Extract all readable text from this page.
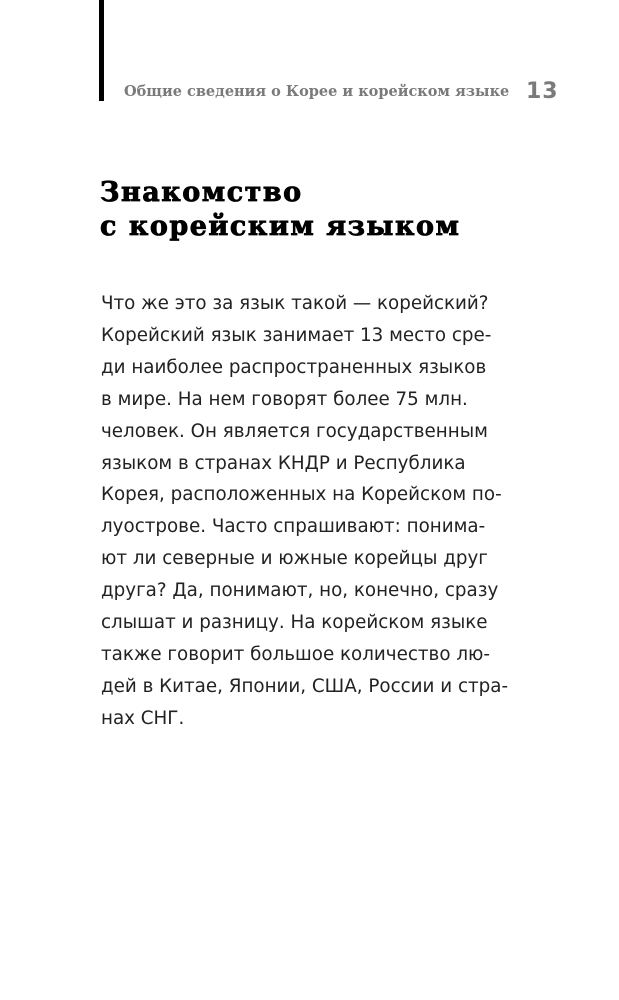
Общие сведения о Корее и корейском языке 13
Знакомство
с корейским языком
Что же это за язык такой — корейский?
Корейский язык занимает 13 место сре-
ди наиболее распространенных языков
в мире. На нем говорят более 75 млн.
человек. Он является государственным
языком в странах КНДР и Республика
Корея, расположенных на Корейском по-
луострове. Часто спрашивают: понима-
ют ли северные и южные корейцы друг
друга? Да, понимают, но, конечно, сразу
слышат и разницу. На корейском языке
также говорит большое количество лю-
дей в Китае, Японии, США, России и стра-
нах СНГ.
